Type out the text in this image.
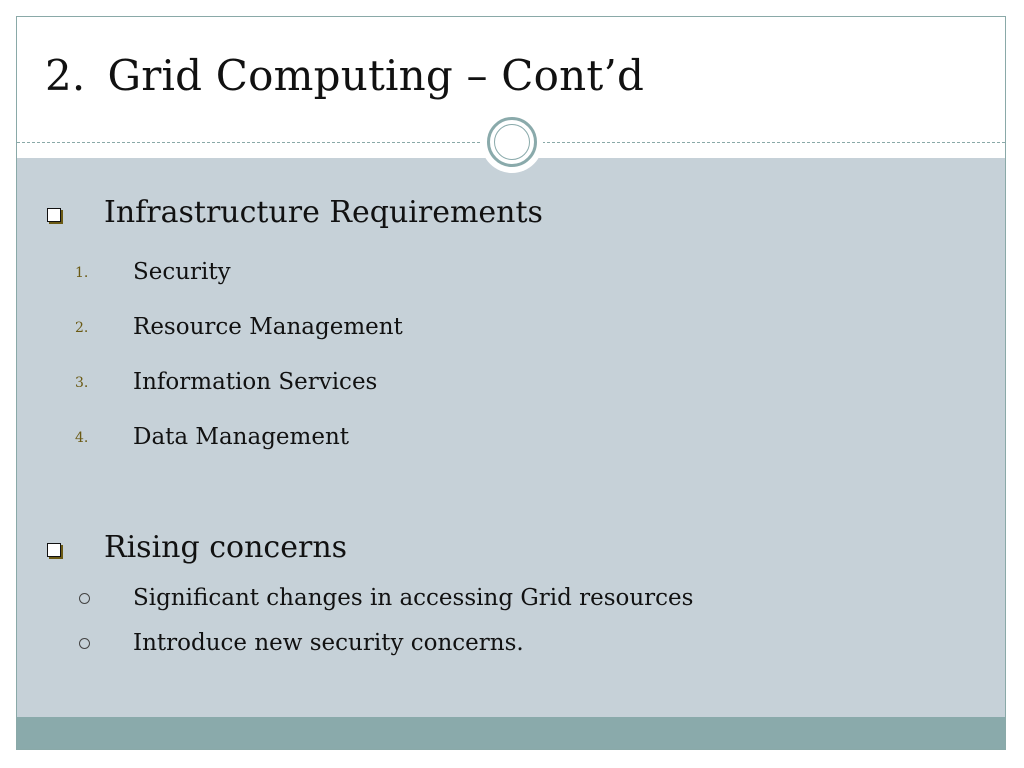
2. Grid Computing – Cont’d
Infrastructure Requirements
1. Security
2. Resource Management
3. Information Services
4. Data Management
Rising concerns
Significant changes in accessing Grid resources
Introduce new security concerns.
